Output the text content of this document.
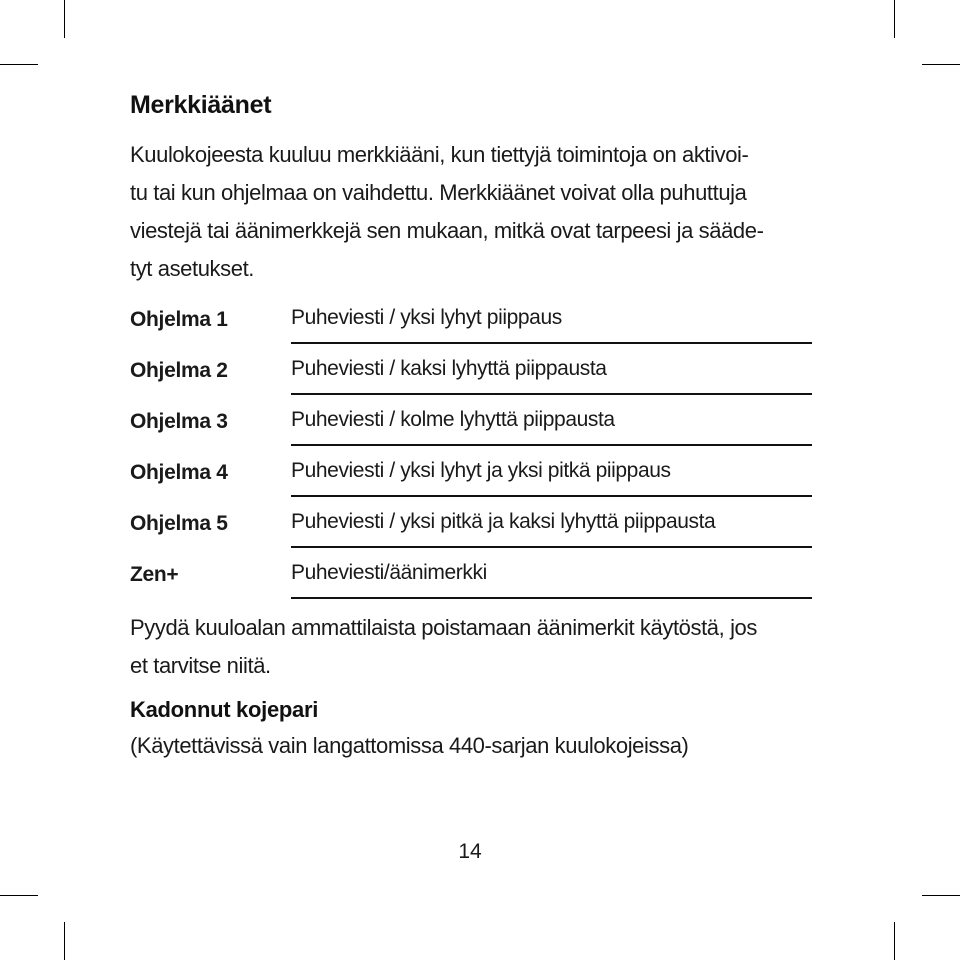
Merkkiäänet

Kuulokojeesta kuuluu merkkiääni, kun tiettyjä toimintoja on aktivoi-

tu tai kun ohjelmaa on vaihdettu. Merkkiäänet voivat olla puhuttuja

viestejä tai äänimerkkejä sen mukaan, mitkä ovat tarpeesi ja sääde-

tyt asetukset.

Ohjelma 1	Puheviesti / yksi lyhyt piippaus
Ohjelma 2	Puheviesti / kaksi lyhyttä piippausta
Ohjelma 3	Puheviesti / kolme lyhyttä piippausta
Ohjelma 4	Puheviesti / yksi lyhyt ja yksi pitkä piippaus
Ohjelma 5	Puheviesti / yksi pitkä ja kaksi lyhyttä piippausta
Zen+	Puheviesti/äänimerkki

Pyydä kuuloalan ammattilaista poistamaan äänimerkit käytöstä, jos

et tarvitse niitä.

Kadonnut kojepari

(Käytettävissä vain langattomissa 440-sarjan kuulokojeissa)

14
